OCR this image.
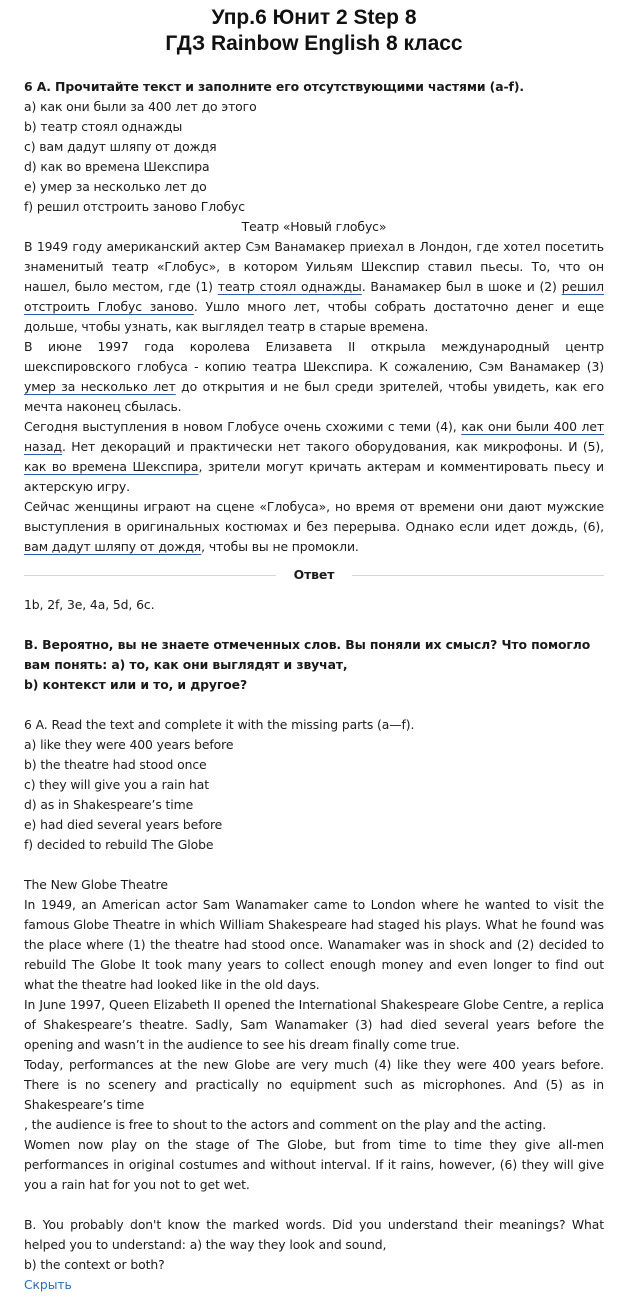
Упр.6 Юнит 2 Step 8
ГДЗ Rainbow English 8 класс
6 А. Прочитайте текст и заполните его отсутствующими частями (а-f).
а) как они были за 400 лет до этого
b) театр стоял однажды
с) вам дадут шляпу от дождя
d) как во времена Шекспира
е) умер за несколько лет до
f) решил отстроить заново Глобус
Театр «Новый глобус»
В 1949 году американский актер Сэм Ванамакер приехал в Лондон, где хотел посетить знаменитый театр «Глобус», в котором Уильям Шекспир ставил пьесы. То, что он нашел, было местом, где (1) театр стоял однажды. Ванамакер был в шоке и (2) решил отстроить Глобус заново. Ушло много лет, чтобы собрать достаточно денег и еще дольше, чтобы узнать, как выглядел театр в старые времена.
В июне 1997 года королева Елизавета II открыла международный центр шекспировского глобуса - копию театра Шекспира. К сожалению, Сэм Ванамакер (3) умер за несколько лет до открытия и не был среди зрителей, чтобы увидеть, как его мечта наконец сбылась.
Сегодня выступления в новом Глобусе очень схожими с теми (4), как они были 400 лет назад. Нет декораций и практически нет такого оборудования, как микрофоны. И (5), как во времена Шекспира, зрители могут кричать актерам и комментировать пьесу и актерскую игру.
Сейчас женщины играют на сцене «Глобуса», но время от времени они дают мужские выступления в оригинальных костюмах и без перерыва. Однако если идет дождь, (6), вам дадут шляпу от дождя, чтобы вы не промокли.
Ответ
1b, 2f, 3e, 4a, 5d, 6c.
В. Вероятно, вы не знаете отмеченных слов. Вы поняли их смысл? Что помогло вам понять: а) то, как они выглядят и звучат,
b) контекст или и то, и другое?
6 A. Read the text and complete it with the missing parts (a—f).
a) like they were 400 years before
b) the theatre had stood once
c) they will give you a rain hat
d) as in Shakespeare’s time
e) had died several years before
f) decided to rebuild The Globe
The New Globe Theatre
In 1949, an American actor Sam Wanamaker came to London where he wanted to visit the famous Globe Theatre in which William Shakespeare had staged his plays. What he found was the place where (1) the theatre had stood once. Wanamaker was in shock and (2) decided to rebuild The Globe It took many years to collect enough money and even longer to find out what the theatre had looked like in the old days.
In June 1997, Queen Elizabeth II opened the International Shakespeare Globe Centre, a replica of Shakespeare’s theatre. Sadly, Sam Wanamaker (3) had died several years before the opening and wasn’t in the audience to see his dream finally come true.
Today, performances at the new Globe are very much (4) like they were 400 years before. There is no scenery and practically no equipment such as microphones. And (5) as in Shakespeare’s time
, the audience is free to shout to the actors and comment on the play and the acting.
Women now play on the stage of The Globe, but from time to time they give all-men performances in original costumes and without interval. If it rains, however, (6) they will give you a rain hat for you not to get wet.
B. You probably don't know the marked words. Did you understand their meanings? What helped you to understand: a) the way they look and sound,
b) the context or both?
Скрыть
